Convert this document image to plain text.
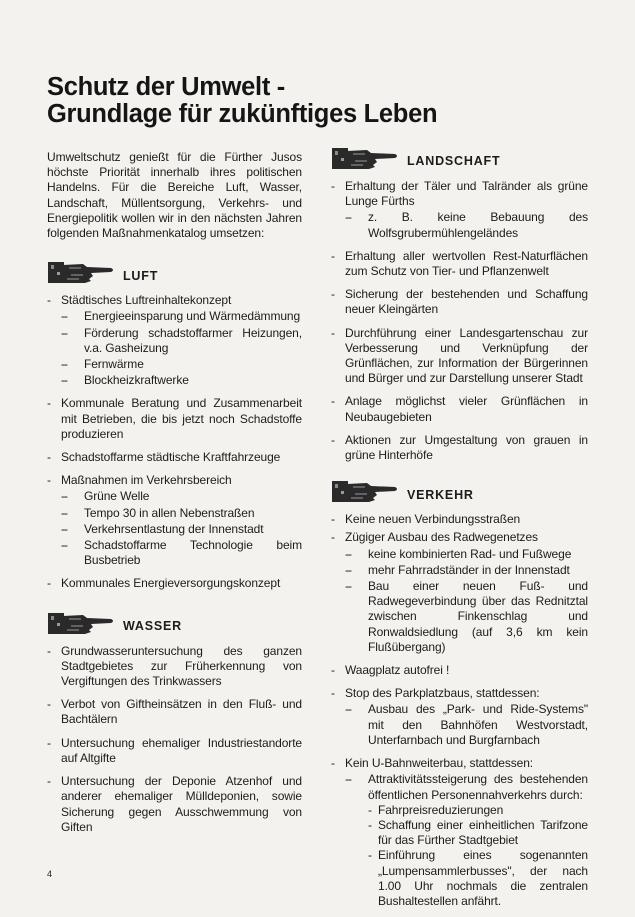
Schutz der Umwelt -
Grundlage für zukünftiges Leben

Umweltschutz genießt für die Fürther Jusos höchste Priorität innerhalb ihres politischen Handelns. Für die Bereiche Luft, Wasser, Landschaft, Müllentsorgung, Verkehrs- und Energiepolitik wollen wir in den nächsten Jahren folgenden Maßnahmenkatalog umsetzen:

LUFT
- Städtisches Luftreinhaltekonzept
-- Energieeinsparung und Wärmedämmung
-- Förderung schadstoffarmer Heizungen, v.a. Gasheizung
-- Fernwärme
-- Blockheizkraftwerke
- Kommunale Beratung und Zusammenarbeit mit Betrieben, die bis jetzt noch Schadstoffe produzieren
- Schadstoffarme städtische Kraftfahrzeuge
- Maßnahmen im Verkehrsbereich
-- Grüne Welle
-- Tempo 30 in allen Nebenstraßen
-- Verkehrsentlastung der Innenstadt
-- Schadstoffarme Technologie beim Busbetrieb
- Kommunales Energieversorgungskonzept
WASSER
- Grundwasseruntersuchung des ganzen Stadtgebietes zur Früherkennung von Vergiftungen des Trinkwassers
- Verbot von Giftheinsätzen in den Fluß- und Bachtälern
- Untersuchung ehemaliger Industriestandorte auf Altgifte
- Untersuchung der Deponie Atzenhof und anderer ehemaliger Mülldeponien, sowie Sicherung gegen Ausschwemmung von Giften
LANDSCHAFT
- Erhaltung der Täler und Talränder als grüne Lunge Fürths
-- z. B. keine Bebauung des Wolfsgrubermühlengeländes
- Erhaltung aller wertvollen Rest-Naturflächen zum Schutz von Tier- und Pflanzenwelt
- Sicherung der bestehenden und Schaffung neuer Kleingärten
- Durchführung einer Landesgartenschau zur Verbesserung und Verknüpfung der Grünflächen, zur Information der Bürgerinnen und Bürger und zur Darstellung unserer Stadt
- Anlage möglichst vieler Grünflächen in Neubaugebieten
- Aktionen zur Umgestaltung von grauen in grüne Hinterhöfe
VERKEHR
- Keine neuen Verbindungsstraßen
- Zügiger Ausbau des Radwegenetzes
-- keine kombinierten Rad- und Fußwege
-- mehr Fahrradständer in der Innenstadt
-- Bau einer neuen Fuß- und Radwegeverbindung über das Rednitztal zwischen Finkenschlag und Ronwaldsiedlung (auf 3,6 km kein Flußübergang)
- Waagplatz autofrei !
- Stop des Parkplatzbaus, stattdessen:
-- Ausbau des „Park- und Ride-Systems" mit den Bahnhöfen Westvorstadt, Unterfarnbach und Burgfarnbach
- Kein U-Bahnweiterbau, stattdessen:
-- Attraktivitätssteigerung des bestehenden öffentlichen Personennahverkehrs durch:
- Fahrpreisreduzierungen
- Schaffung einer einheitlichen Tarifzone für das Fürther Stadtgebiet
- Einführung eines sogenannten „Lumpensammlerbusses", der nach 1.00 Uhr nochmals die zentralen Bushaltestellen anfährt.
4
